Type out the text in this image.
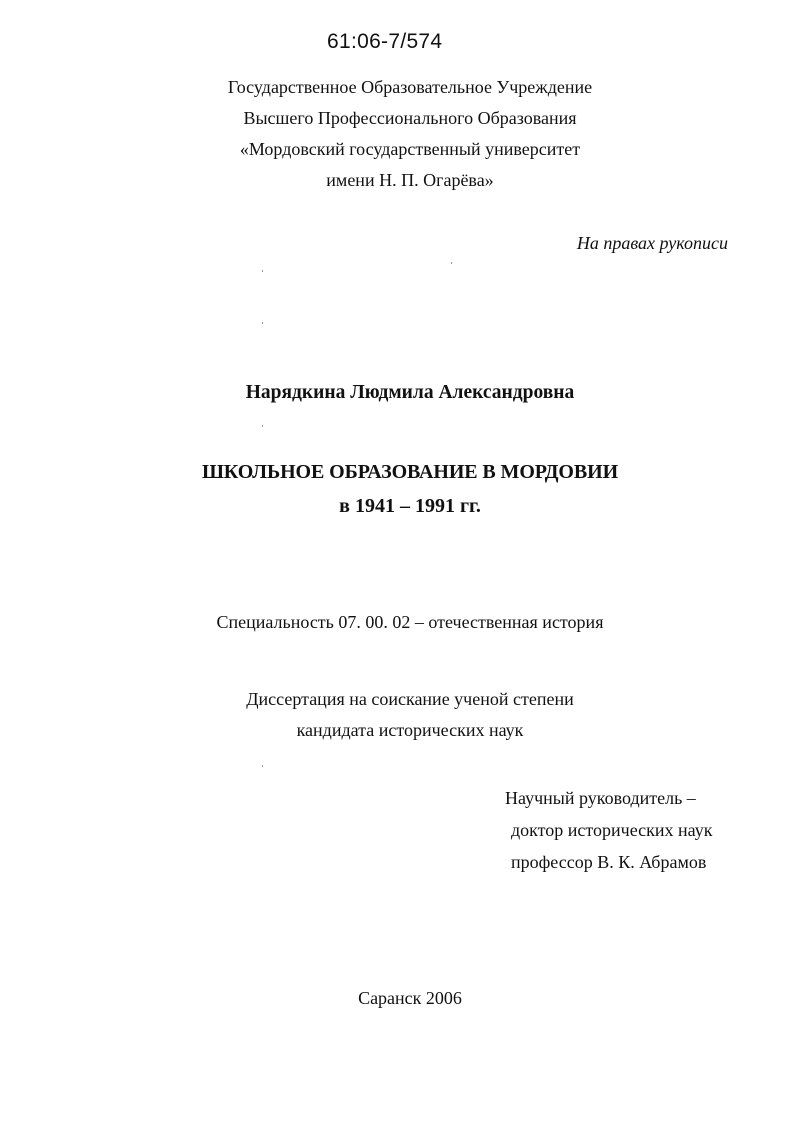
61:06-7/574
Государственное Образовательное Учреждение
Высшего Профессионального Образования
«Мордовский государственный университет
имени Н. П. Огарёва»
На правах рукописи
Нарядкина Людмила Александровна
ШКОЛЬНОЕ ОБРАЗОВАНИЕ В МОРДОВИИ
в 1941 – 1991 гг.
Специальность 07. 00. 02 – отечественная история
Диссертация на соискание ученой степени
кандидата исторических наук
Научный руководитель –
доктор исторических наук
профессор В. К. Абрамов
Саранск 2006
